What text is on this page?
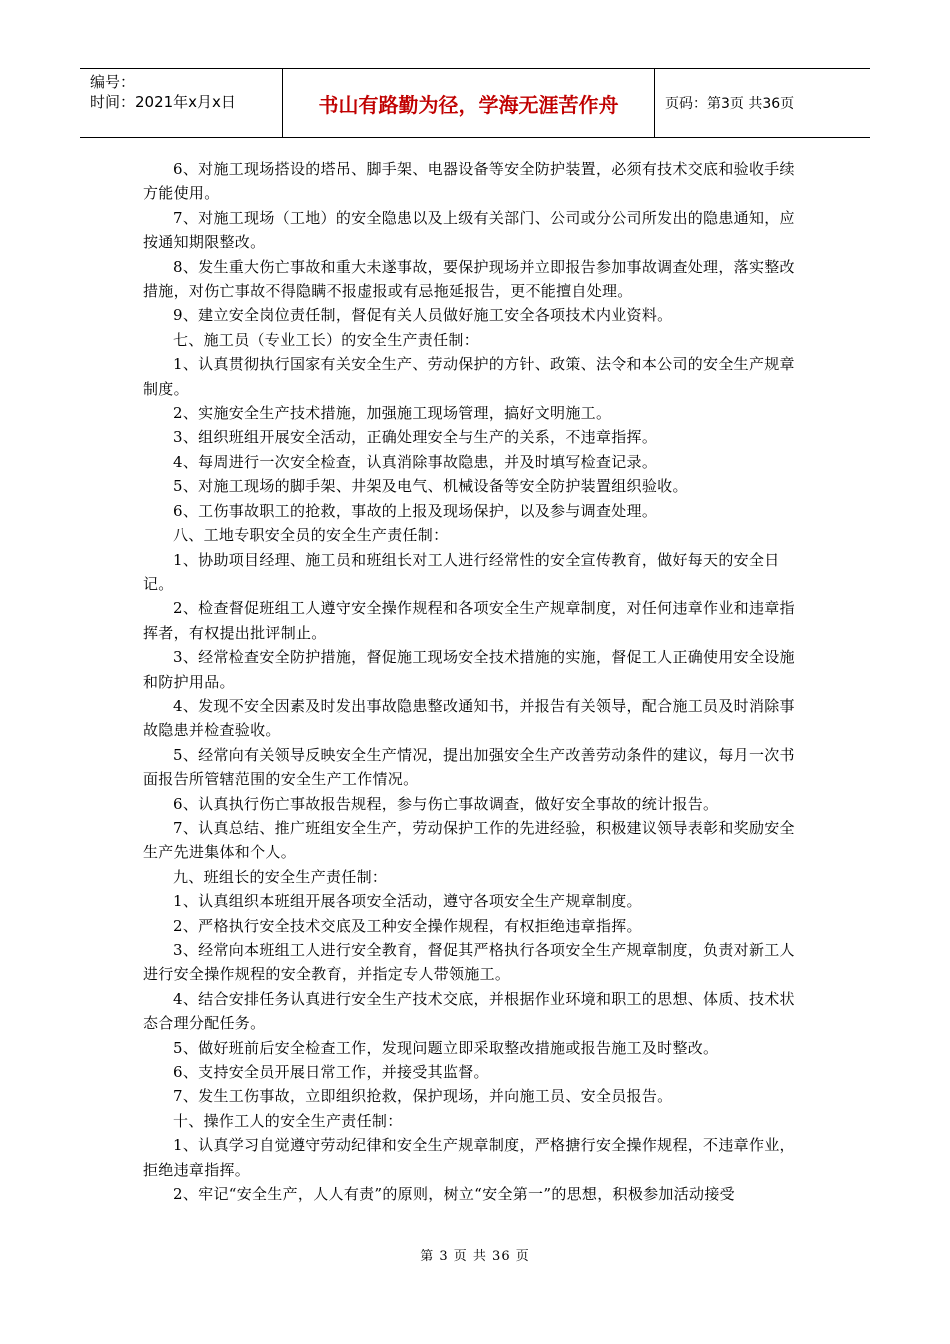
编号：
时间：2021年x月x日	书山有路勤为径，学海无涯苦作舟	页码：第3页 共36页

6、对施工现场搭设的塔吊、脚手架、电器设备等安全防护装置，必须有技术交底和验收手续方能使用。

7、对施工现场（工地）的安全隐患以及上级有关部门、公司或分公司所发出的隐患通知，应按通知期限整改。

8、发生重大伤亡事故和重大未遂事故，要保护现场并立即报告参加事故调查处理，落实整改措施，对伤亡事故不得隐瞒不报虚报或有忌拖延报告，更不能擅自处理。

9、建立安全岗位责任制，督促有关人员做好施工安全各项技术内业资料。

七、施工员（专业工长）的安全生产责任制：

1、认真贯彻执行国家有关安全生产、劳动保护的方针、政策、法令和本公司的安全生产规章制度。

2、实施安全生产技术措施，加强施工现场管理，搞好文明施工。

3、组织班组开展安全活动，正确处理安全与生产的关系，不违章指挥。

4、每周进行一次安全检查，认真消除事故隐患，并及时填写检查记录。

5、对施工现场的脚手架、井架及电气、机械设备等安全防护装置组织验收。

6、工伤事故职工的抢救，事故的上报及现场保护，以及参与调查处理。

八、工地专职安全员的安全生产责任制：

1、协助项目经理、施工员和班组长对工人进行经常性的安全宣传教育，做好每天的安全日记。

2、检查督促班组工人遵守安全操作规程和各项安全生产规章制度，对任何违章作业和违章指挥者，有权提出批评制止。

3、经常检查安全防护措施，督促施工现场安全技术措施的实施，督促工人正确使用安全设施和防护用品。

4、发现不安全因素及时发出事故隐患整改通知书，并报告有关领导，配合施工员及时消除事故隐患并检查验收。

5、经常向有关领导反映安全生产情况，提出加强安全生产改善劳动条件的建议，每月一次书面报告所管辖范围的安全生产工作情况。

6、认真执行伤亡事故报告规程，参与伤亡事故调查，做好安全事故的统计报告。

7、认真总结、推广班组安全生产，劳动保护工作的先进经验，积极建议领导表彰和奖励安全生产先进集体和个人。

九、班组长的安全生产责任制：

1、认真组织本班组开展各项安全活动，遵守各项安全生产规章制度。

2、严格执行安全技术交底及工种安全操作规程，有权拒绝违章指挥。

3、经常向本班组工人进行安全教育，督促其严格执行各项安全生产规章制度，负责对新工人进行安全操作规程的安全教育，并指定专人带领施工。

4、结合安排任务认真进行安全生产技术交底，并根据作业环境和职工的思想、体质、技术状态合理分配任务。

5、做好班前后安全检查工作，发现问题立即采取整改措施或报告施工及时整改。

6、支持安全员开展日常工作，并接受其监督。

7、发生工伤事故，立即组织抢救，保护现场，并向施工员、安全员报告。

十、操作工人的安全生产责任制：

1、认真学习自觉遵守劳动纪律和安全生产规章制度，严格搪行安全操作规程，不违章作业，拒绝违章指挥。

2、牢记“安全生产，人人有责”的原则，树立“安全第一”的思想，积极参加活动接受

第 3 页 共 36 页
